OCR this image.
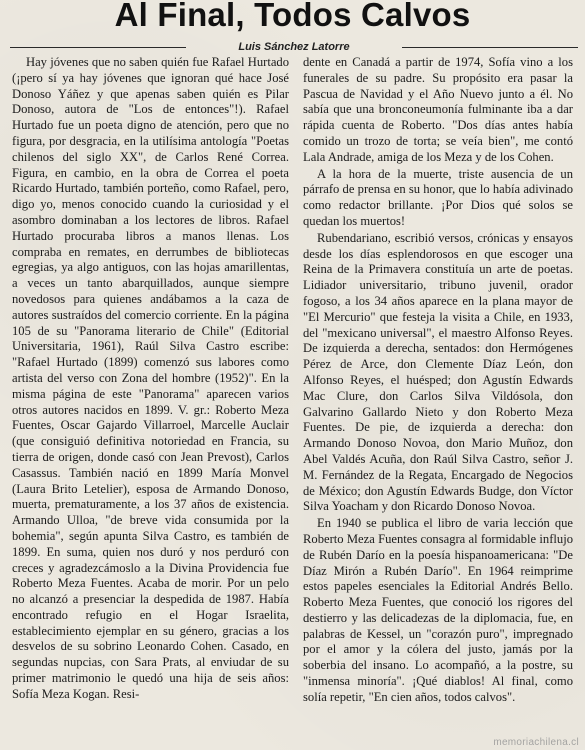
Al Final, Todos Calvos
Luis Sánchez Latorre

Hay jóvenes que no saben quién fue Rafael Hurtado (¡pero sí ya hay jóvenes que ignoran qué hace José Donoso Yáñez y que apenas saben quién es Pilar Donoso, autora de "Los de entonces"!). Rafael Hurtado fue un poeta digno de atención, pero que no figura, por desgracia, en la utilísima antología "Poetas chilenos del siglo XX", de Carlos René Correa. Figura, en cambio, en la obra de Correa el poeta Ricardo Hurtado, también porteño, como Rafael, pero, digo yo, menos conocido cuando la curiosidad y el asombro dominaban a los lectores de libros. Rafael Hurtado procuraba libros a manos llenas. Los compraba en remates, en derrumbes de bibliotecas egregias, ya algo antiguos, con las hojas amarillentas, a veces un tanto abarquillados, aunque siempre novedosos para quienes andábamos a la caza de autores sustraídos del comercio corriente. En la página 105 de su "Panorama literario de Chile" (Editorial Universitaria, 1961), Raúl Silva Castro escribe: "Rafael Hurtado (1899) comenzó sus labores como artista del verso con Zona del hombre (1952)". En la misma página de este "Panorama" aparecen varios otros autores nacidos en 1899. V. gr.: Roberto Meza Fuentes, Oscar Gajardo Villarroel, Marcelle Auclair (que consiguió definitiva notoriedad en Francia, su tierra de origen, donde casó con Jean Prevost), Carlos Casassus. También nació en 1899 María Monvel (Laura Brito Letelier), esposa de Armando Donoso, muerta, prematuramente, a los 37 años de existencia. Armando Ulloa, "de breve vida consumida por la bohemia", según apunta Silva Castro, es también de 1899. En suma, quien nos duró y nos perduró con creces y agradezcámoslo a la Divina Providencia fue Roberto Meza Fuentes. Acaba de morir. Por un pelo no alcanzó a presenciar la despedida de 1987. Había encontrado refugio en el Hogar Israelita, establecimiento ejemplar en su género, gracias a los desvelos de su sobrino Leonardo Cohen. Casado, en segundas nupcias, con Sara Prats, al enviudar de su primer matrimonio le quedó una hija de seis años: Sofía Meza Kogan. Resi-

dente en Canadá a partir de 1974, Sofía vino a los funerales de su padre. Su propósito era pasar la Pascua de Navidad y el Año Nuevo junto a él. No sabía que una bronconeumonía fulminante iba a dar rápida cuenta de Roberto. "Dos días antes había comido un trozo de torta; se veía bien", me contó Lala Andrade, amiga de los Meza y de los Cohen.

A la hora de la muerte, triste ausencia de un párrafo de prensa en su honor, que lo había adivinado como redactor brillante. ¡Por Dios qué solos se quedan los muertos!

Rubendariano, escribió versos, crónicas y ensayos desde los días esplendorosos en que escoger una Reina de la Primavera constituía un arte de poetas. Lidiador universitario, tribuno juvenil, orador fogoso, a los 34 años aparece en la plana mayor de "El Mercurio" que festeja la visita a Chile, en 1933, del "mexicano universal", el maestro Alfonso Reyes. De izquierda a derecha, sentados: don Hermógenes Pérez de Arce, don Clemente Díaz León, don Alfonso Reyes, el huésped; don Agustín Edwards Mac Clure, don Carlos Silva Vildósola, don Galvarino Gallardo Nieto y don Roberto Meza Fuentes. De pie, de izquierda a derecha: don Armando Donoso Novoa, don Mario Muñoz, don Abel Valdés Acuña, don Raúl Silva Castro, señor J. M. Fernández de la Regata, Encargado de Negocios de México; don Agustín Edwards Budge, don Víctor Silva Yoacham y don Ricardo Donoso Novoa.

En 1940 se publica el libro de varia lección que Roberto Meza Fuentes consagra al formidable influjo de Rubén Darío en la poesía hispanoamericana: "De Díaz Mirón a Rubén Darío". En 1964 reimprime estos papeles esenciales la Editorial Andrés Bello. Roberto Meza Fuentes, que conoció los rigores del destierro y las delicadezas de la diplomacia, fue, en palabras de Kessel, un "corazón puro", impregnado por el amor y la cólera del justo, jamás por la soberbia del insano. Lo acompañó, a la postre, su "inmensa minoría". ¡Qué diablos! Al final, como solía repetir, "En cien años, todos calvos".

memoriachilena.cl
